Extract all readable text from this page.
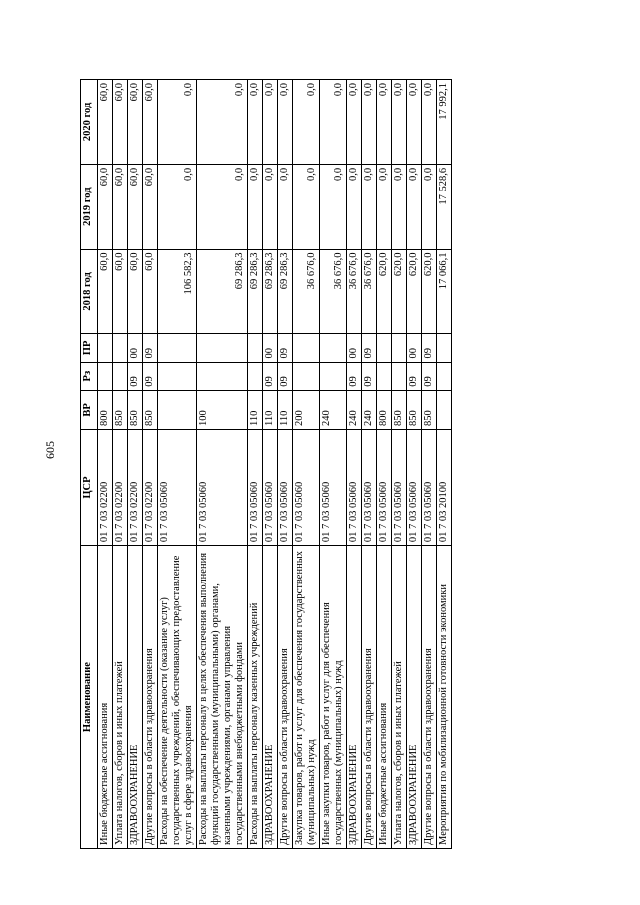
605
Наименование	ЦСР	ВР	Рз	ПР	2018 год	2019 год	2020 год
Иные бюджетные ассигнования	01 7 03 02200	800			60,0	60,0	60,0
Уплата налогов, сборов и иных платежей	01 7 03 02200	850			60,0	60,0	60,0
ЗДРАВООХРАНЕНИЕ	01 7 03 02200	850	09	00	60,0	60,0	60,0
Другие вопросы в области здравоохранения	01 7 03 02200	850	09	09	60,0	60,0	60,0
Расходы на обеспечение деятельности (оказание услуг) государственных учреждений, обеспечивающих предоставление услуг в сфере здравоохранения	01 7 03 05060				106 582,3	0,0	0,0
Расходы на выплаты персоналу в целях обеспечения выполнения функций государственными (муниципальными) органами, казенными учреждениями, органами управления государственными внебюджетными фондами	01 7 03 05060	100			69 286,3	0,0	0,0
Расходы на выплаты персоналу казенных учреждений	01 7 03 05060	110			69 286,3	0,0	0,0
ЗДРАВООХРАНЕНИЕ	01 7 03 05060	110	09	00	69 286,3	0,0	0,0
Другие вопросы в области здравоохранения	01 7 03 05060	110	09	09	69 286,3	0,0	0,0
Закупка товаров, работ и услуг для обеспечения государственных (муниципальных) нужд	01 7 03 05060	200			36 676,0	0,0	0,0
Иные закупки товаров, работ и услуг для обеспечения государственных (муниципальных) нужд	01 7 03 05060	240			36 676,0	0,0	0,0
ЗДРАВООХРАНЕНИЕ	01 7 03 05060	240	09	00	36 676,0	0,0	0,0
Другие вопросы в области здравоохранения	01 7 03 05060	240	09	09	36 676,0	0,0	0,0
Иные бюджетные ассигнования	01 7 03 05060	800			620,0	0,0	0,0
Уплата налогов, сборов и иных платежей	01 7 03 05060	850			620,0	0,0	0,0
ЗДРАВООХРАНЕНИЕ	01 7 03 05060	850	09	00	620,0	0,0	0,0
Другие вопросы в области здравоохранения	01 7 03 05060	850	09	09	620,0	0,0	0,0
Мероприятия по мобилизационной готовности экономики	01 7 03 20100				17 066,1	17 528,6	17 992,1
